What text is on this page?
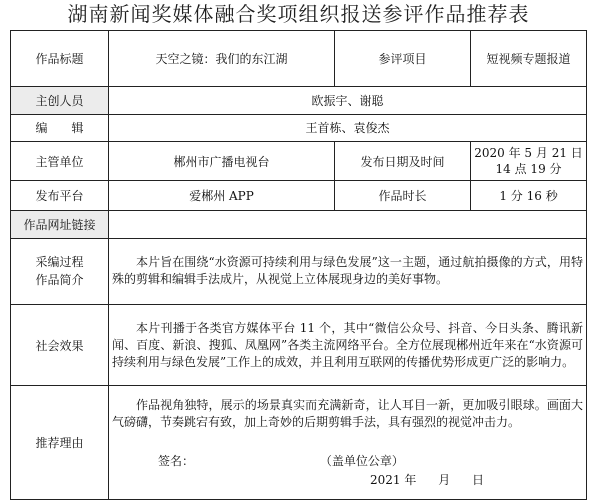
湖南新闻奖媒体融合奖项组织报送参评作品推荐表
作品标题	天空之镜：我们的东江湖	参评项目	短视频专题报道
主创人员	欧振宇、谢聪		
编　　辑	王首栋、袁俊杰		
主管单位	郴州市广播电视台	发布日期及时间	2020 年 5 月 21 日
14 点 19 分

发布平台	爱郴州 APP	作品时长	1 分 16 秒
作品网址链接			

采编过程
作品简介	本片旨在围绕“水资源可持续利用与绿色发展”这一主题，通过航拍摄像的方式，用特殊的剪辑和编辑手法成片，从视觉上立体展现身边的美好事物。		

社会效果	本片刊播于各类官方媒体平台 11 个，其中“微信公众号、抖音、今日头条、腾讯新闻、百度、新浪、搜狐、凤凰网”各类主流网络平台。全方位展现郴州近年来在“水资源可持续利用与绿色发展”工作上的成效，并且利用互联网的传播优势形成更广泛的影响力。		

推荐理由	作品视角独特，展示的场景真实而充满新奇，让人耳目一新，更加吸引眼球。画面大气磅礴，节奏跳宕有致，加上奇妙的后期剪辑手法，具有强烈的视觉冲击力。
签名： （盖单位公章）
2021 年 月 日		
